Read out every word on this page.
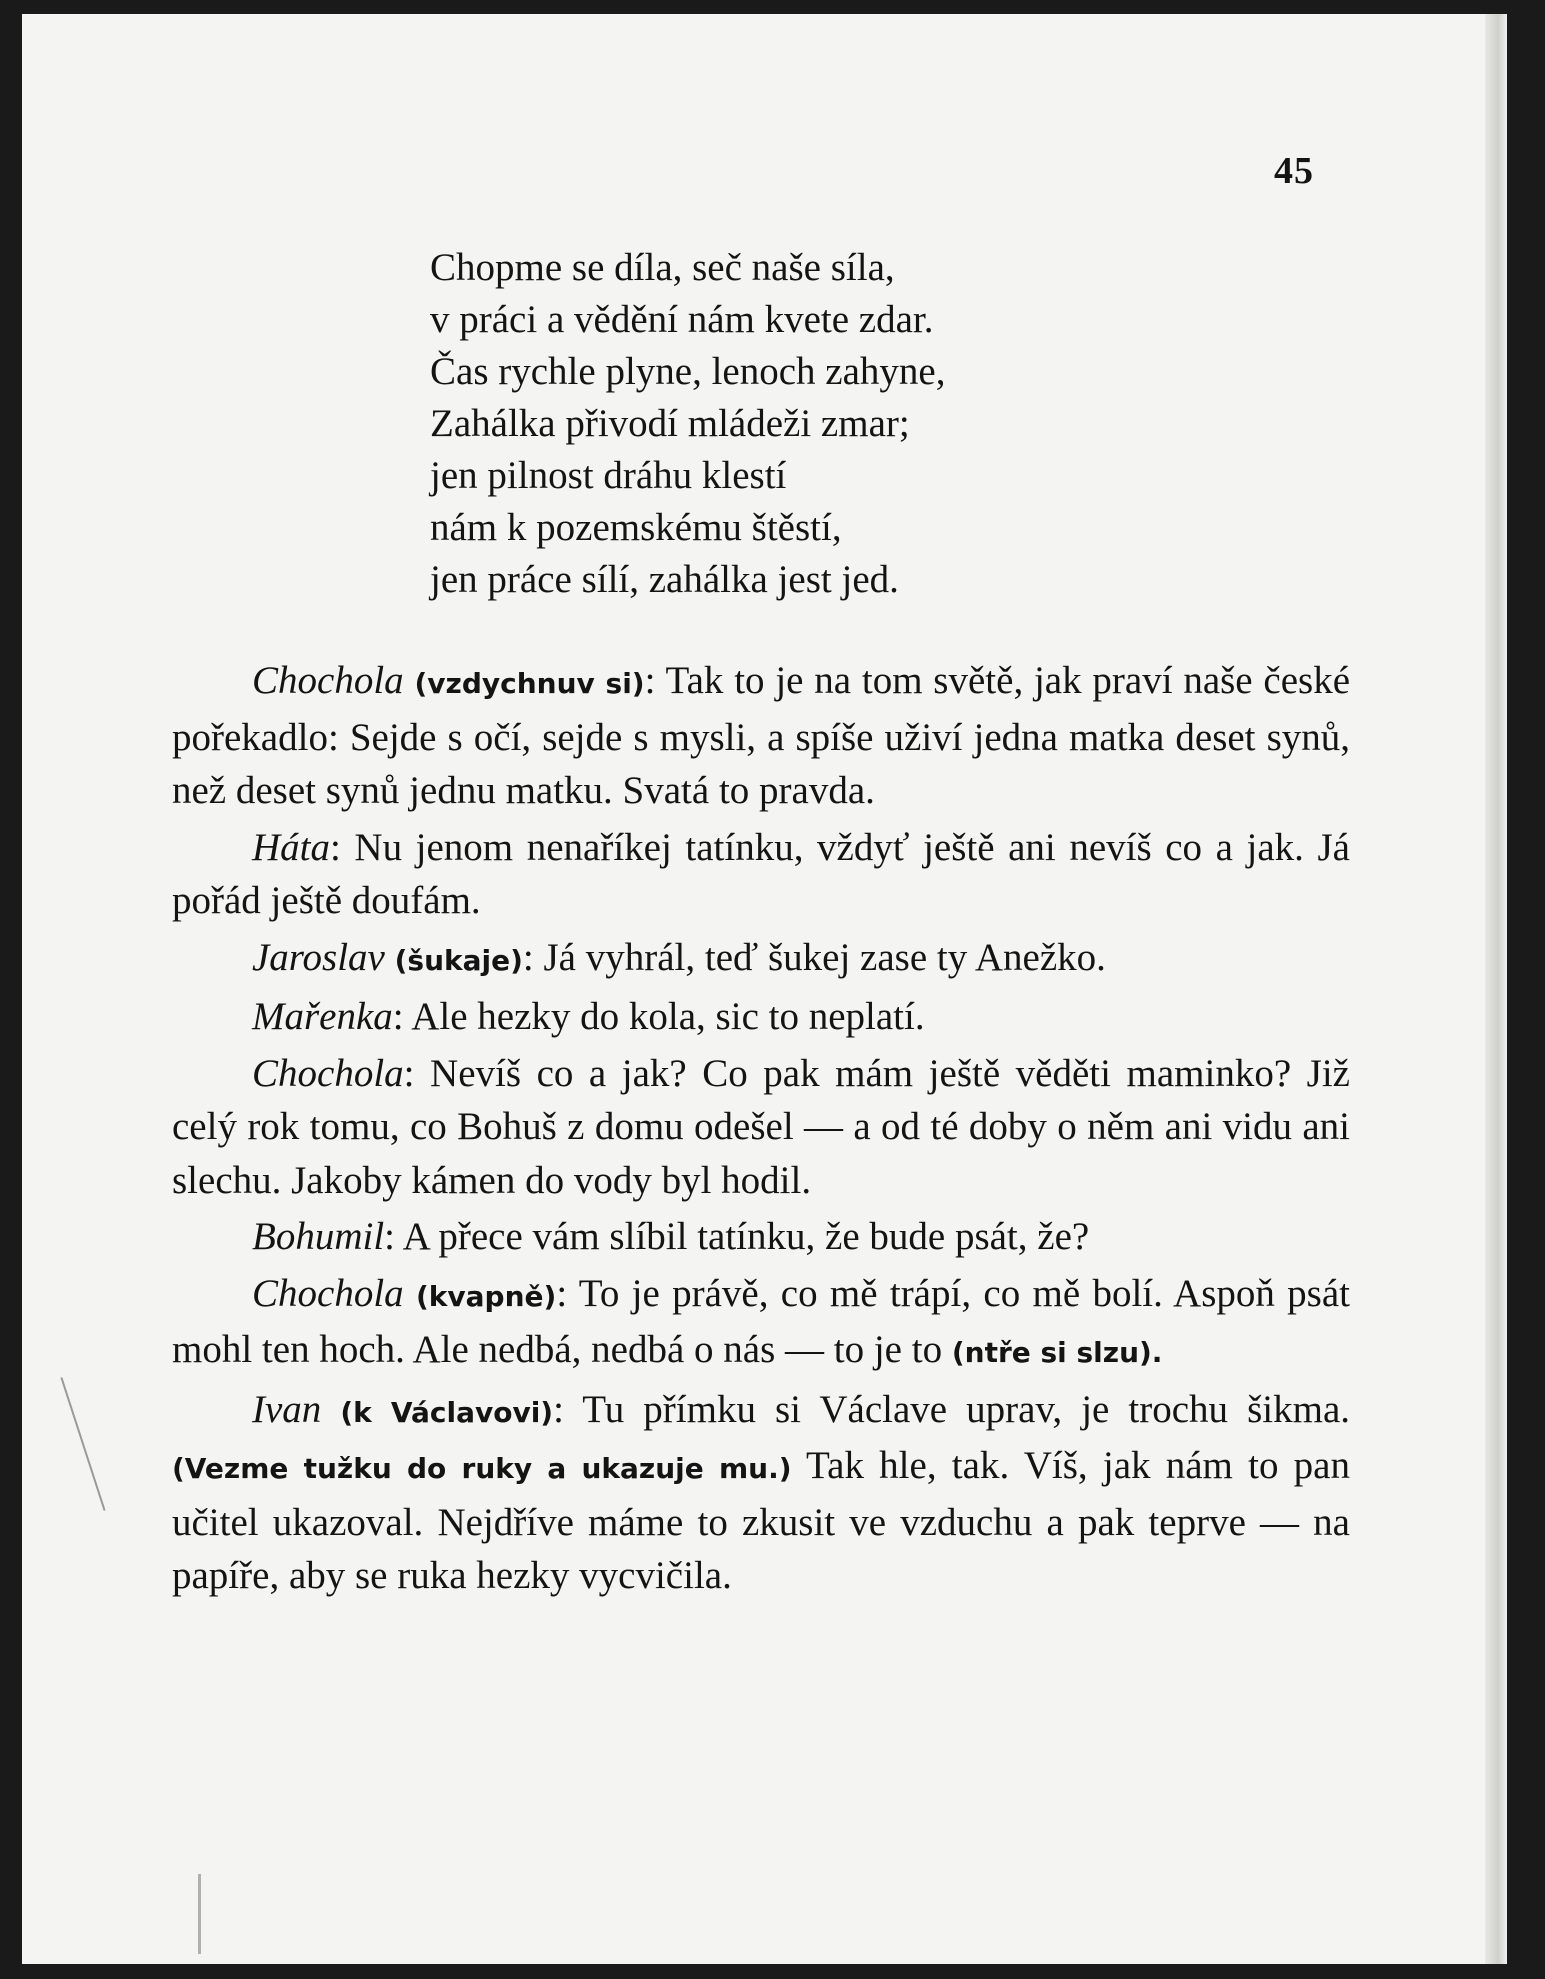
45
Chopme se díla, seč naše síla,
v práci a vědění nám kvete zdar.
Čas rychle plyne, lenoch zahyne,
Zahálka přivodí mládeži zmar;
jen pilnost dráhu klestí
nám k pozemskému štěstí,
jen práce sílí, zahálka jest jed.

Chochola (vzdychnuv si): Tak to je na tom světě, jak praví naše české pořekadlo: Sejde s očí, sejde s mysli, a spíše uživí jedna matka deset synů, než deset synů jednu matku. Svatá to pravda.

Háta: Nu jenom nenaříkej tatínku, vždyť ještě ani nevíš co a jak. Já pořád ještě doufám.

Jaroslav (šukaje): Já vyhrál, teď šukej zase ty Anežko.

Mařenka: Ale hezky do kola, sic to neplatí.

Chochola: Nevíš co a jak? Co pak mám ještě věděti maminko? Již celý rok tomu, co Bohuš z domu odešel — a od té doby o něm ani vidu ani slechu. Jakoby kámen do vody byl hodil.

Bohumil: A přece vám slíbil tatínku, že bude psát, že?

Chochola (kvapně): To je právě, co mě trápí, co mě bolí. Aspoň psát mohl ten hoch. Ale nedbá, nedbá o nás — to je to (ntře si slzu).

Ivan (k Václavovi): Tu přímku si Václave uprav, je trochu šikma. (Vezme tužku do ruky a ukazuje mu.) Tak hle, tak. Víš, jak nám to pan učitel ukazoval. Nejdříve máme to zkusit ve vzduchu a pak teprve — na papíře, aby se ruka hezky vycvičila.
